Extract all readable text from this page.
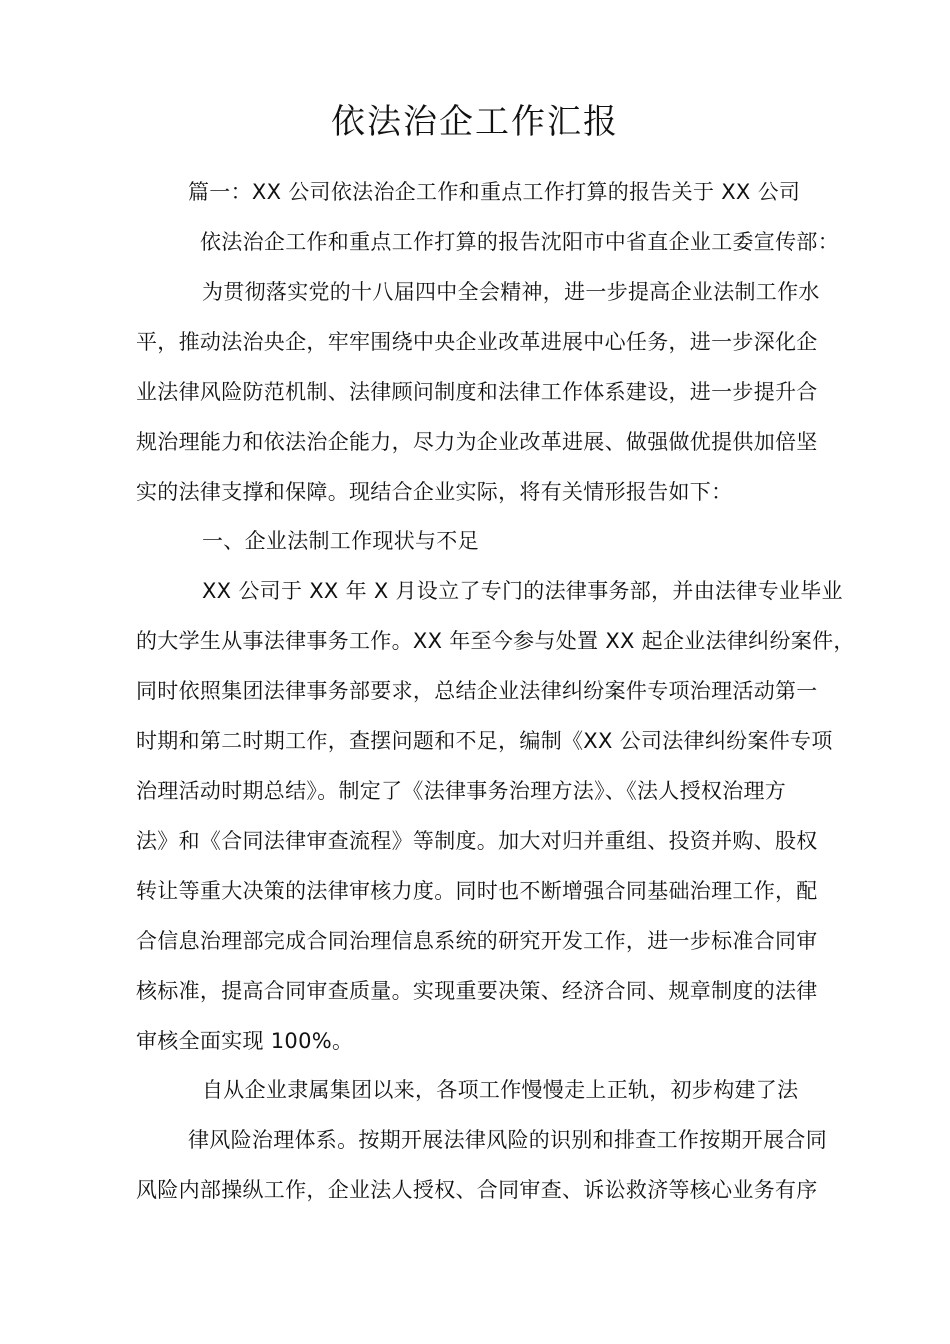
依法治企工作汇报

篇一：XX 公司依法治企工作和重点工作打算的报告关于 XX 公司

依法治企工作和重点工作打算的报告沈阳市中省直企业工委宣传部：

为贯彻落实党的十八届四中全会精神，进一步提高企业法制工作水

平，推动法治央企，牢牢围绕中央企业改革进展中心任务，进一步深化企

业法律风险防范机制、法律顾问制度和法律工作体系建设，进一步提升合

规治理能力和依法治企能力，尽力为企业改革进展、做强做优提供加倍坚

实的法律支撑和保障。现结合企业实际，将有关情形报告如下：

一、企业法制工作现状与不足

XX 公司于 XX 年 X 月设立了专门的法律事务部，并由法律专业毕业

的大学生从事法律事务工作。XX 年至今参与处置 XX 起企业法律纠纷案件，

同时依照集团法律事务部要求，总结企业法律纠纷案件专项治理活动第一

时期和第二时期工作，查摆问题和不足，编制《XX 公司法律纠纷案件专项

治理活动时期总结》。制定了《法律事务治理方法》、《法人授权治理方

法》和《合同法律审查流程》等制度。加大对归并重组、投资并购、股权

转让等重大决策的法律审核力度。同时也不断增强合同基础治理工作，配

合信息治理部完成合同治理信息系统的研究开发工作，进一步标准合同审

核标准，提高合同审查质量。实现重要决策、经济合同、规章制度的法律

审核全面实现 100%。

自从企业隶属集团以来，各项工作慢慢走上正轨，初步构建了法

律风险治理体系。按期开展法律风险的识别和排查工作按期开展合同

风险内部操纵工作，企业法人授权、合同审查、诉讼救济等核心业务有序
